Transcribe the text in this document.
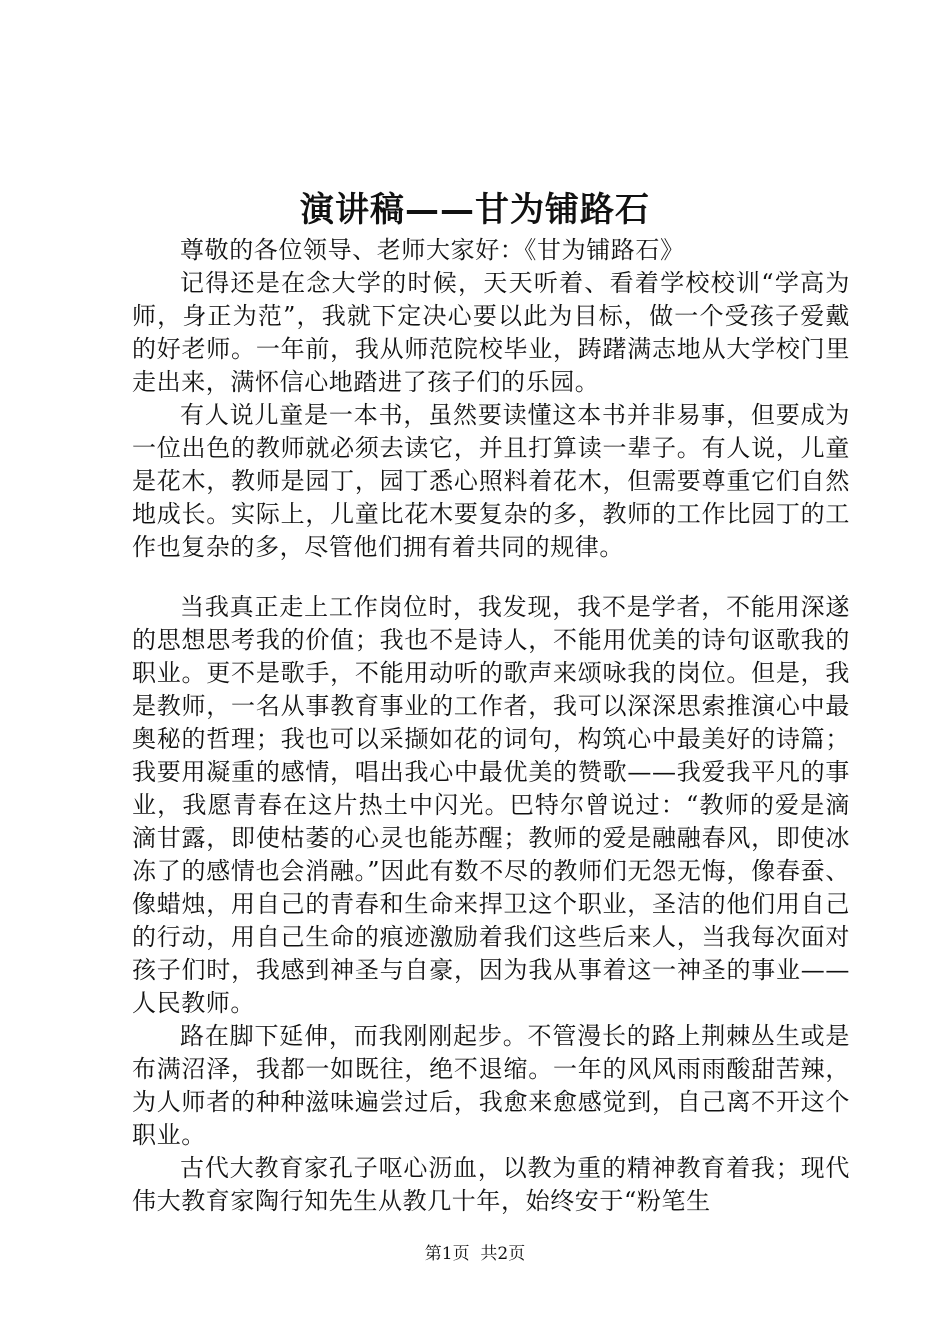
演讲稿——甘为铺路石

尊敬的各位领导、老师大家好：《甘为铺路石》

记得还是在念大学的时候，天天听着、看着学校校训“学高为师，身正为范”，我就下定决心要以此为目标，做一个受孩子爱戴的好老师。一年前，我从师范院校毕业，踌躇满志地从大学校门里走出来，满怀信心地踏进了孩子们的乐园。

有人说儿童是一本书，虽然要读懂这本书并非易事，但要成为一位出色的教师就必须去读它，并且打算读一辈子。有人说，儿童是花木，教师是园丁，园丁悉心照料着花木，但需要尊重它们自然地成长。实际上，儿童比花木要复杂的多，教师的工作比园丁的工作也复杂的多，尽管他们拥有着共同的规律。

当我真正走上工作岗位时，我发现，我不是学者，不能用深遂的思想思考我的价值；我也不是诗人，不能用优美的诗句讴歌我的职业。更不是歌手，不能用动听的歌声来颂咏我的岗位。但是，我是教师，一名从事教育事业的工作者，我可以深深思索推演心中最奥秘的哲理；我也可以采撷如花的词句，构筑心中最美好的诗篇；我要用凝重的感情，唱出我心中最优美的赞歌——我爱我平凡的事业，我愿青春在这片热土中闪光。巴特尔曾说过：“教师的爱是滴滴甘露，即使枯萎的心灵也能苏醒；教师的爱是融融春风，即使冰冻了的感情也会消融。”因此有数不尽的教师们无怨无悔，像春蚕、像蜡烛，用自己的青春和生命来捍卫这个职业，圣洁的他们用自己的行动，用自己生命的痕迹激励着我们这些后来人，当我每次面对孩子们时，我感到神圣与自豪，因为我从事着这一神圣的事业——人民教师。

路在脚下延伸，而我刚刚起步。不管漫长的路上荆棘丛生或是布满沼泽，我都一如既往，绝不退缩。一年的风风雨雨酸甜苦辣，为人师者的种种滋味遍尝过后，我愈来愈感觉到，自己离不开这个职业。

古代大教育家孔子呕心沥血，以教为重的精神教育着我；现代伟大教育家陶行知先生从教几十年，始终安于“粉笔生

第1页 共2页
